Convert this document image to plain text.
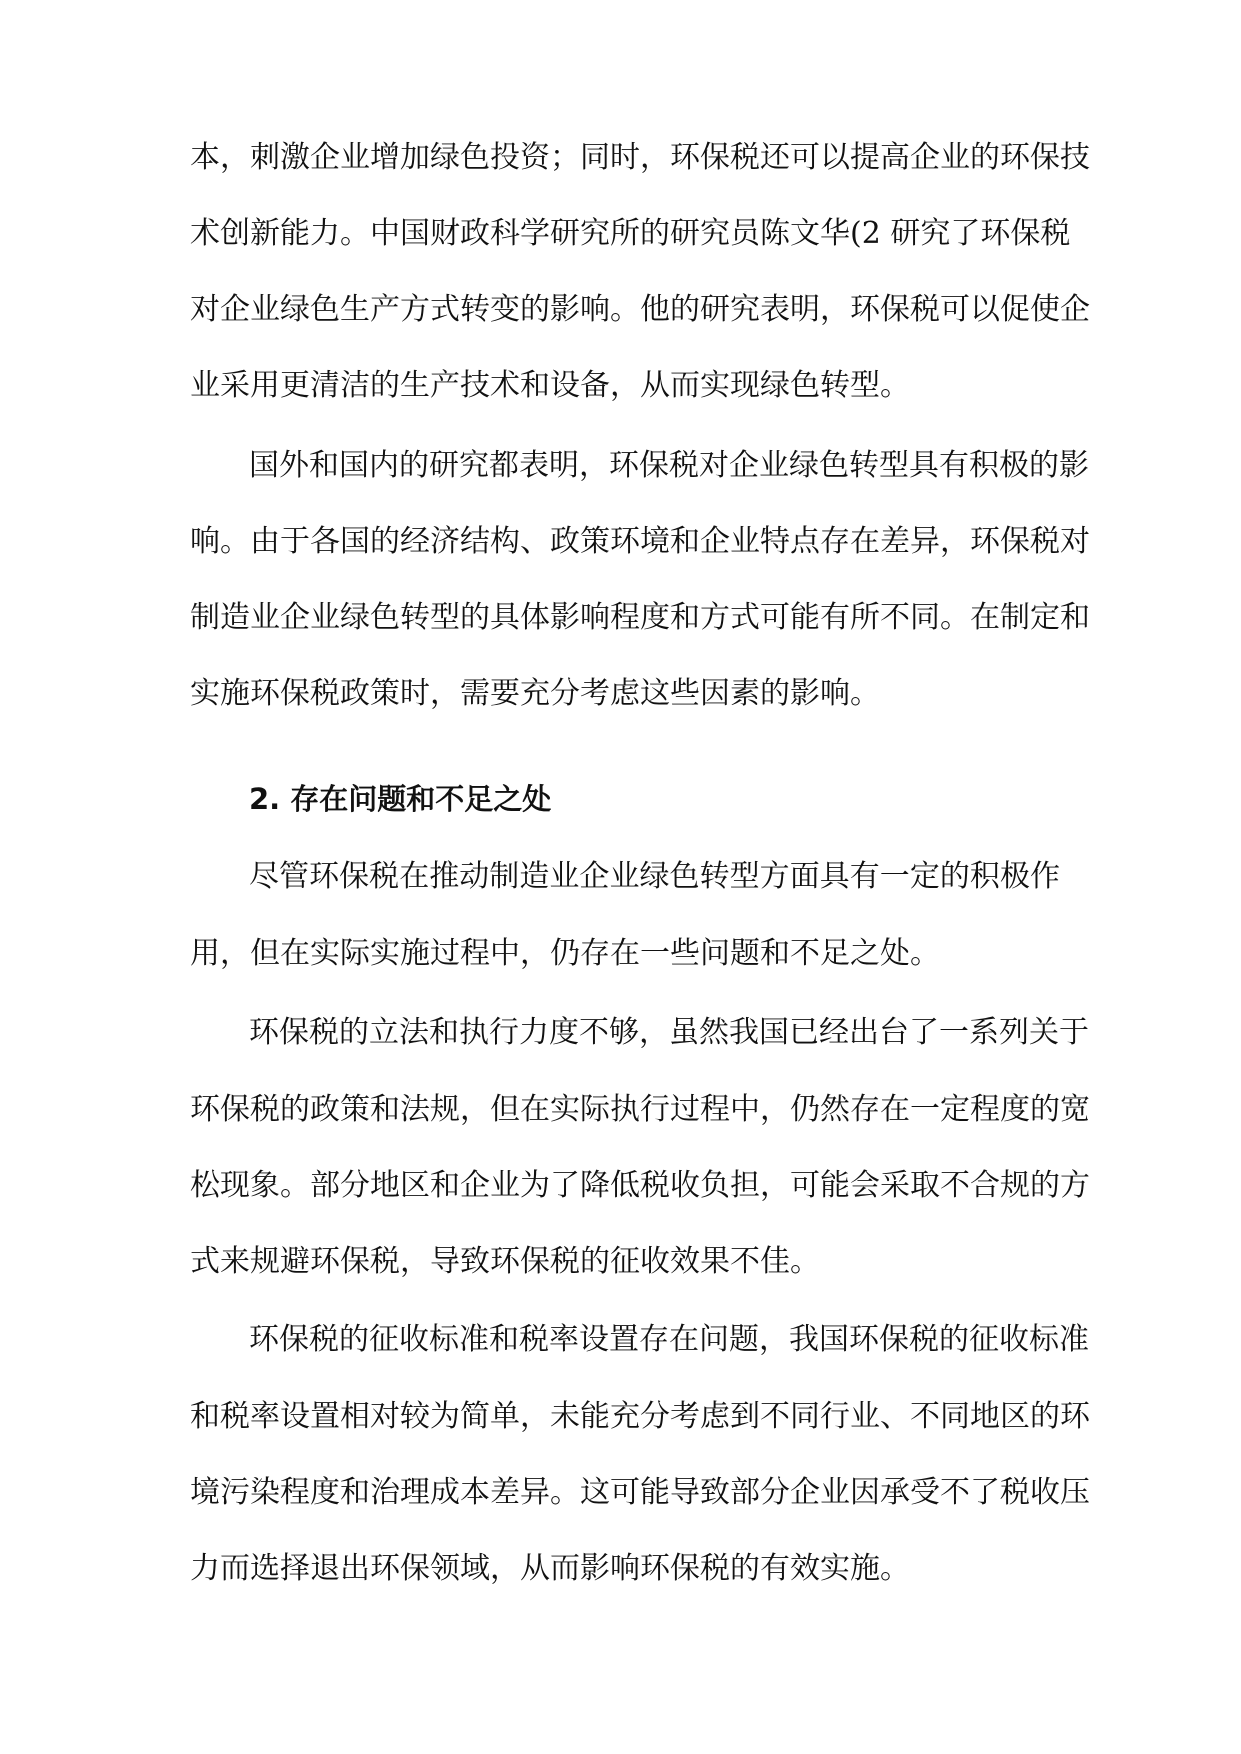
本，刺激企业增加绿色投资；同时，环保税还可以提高企业的环保技
术创新能力。中国财政科学研究所的研究员陈文华(2 研究了环保税
对企业绿色生产方式转变的影响。他的研究表明，环保税可以促使企
业采用更清洁的生产技术和设备，从而实现绿色转型。
国外和国内的研究都表明，环保税对企业绿色转型具有积极的影
响。由于各国的经济结构、政策环境和企业特点存在差异，环保税对
制造业企业绿色转型的具体影响程度和方式可能有所不同。在制定和
实施环保税政策时，需要充分考虑这些因素的影响。
2. 存在问题和不足之处
尽管环保税在推动制造业企业绿色转型方面具有一定的积极作
用，但在实际实施过程中，仍存在一些问题和不足之处。
环保税的立法和执行力度不够，虽然我国已经出台了一系列关于
环保税的政策和法规，但在实际执行过程中，仍然存在一定程度的宽
松现象。部分地区和企业为了降低税收负担，可能会采取不合规的方
式来规避环保税，导致环保税的征收效果不佳。
环保税的征收标准和税率设置存在问题，我国环保税的征收标准
和税率设置相对较为简单，未能充分考虑到不同行业、不同地区的环
境污染程度和治理成本差异。这可能导致部分企业因承受不了税收压
力而选择退出环保领域，从而影响环保税的有效实施。
